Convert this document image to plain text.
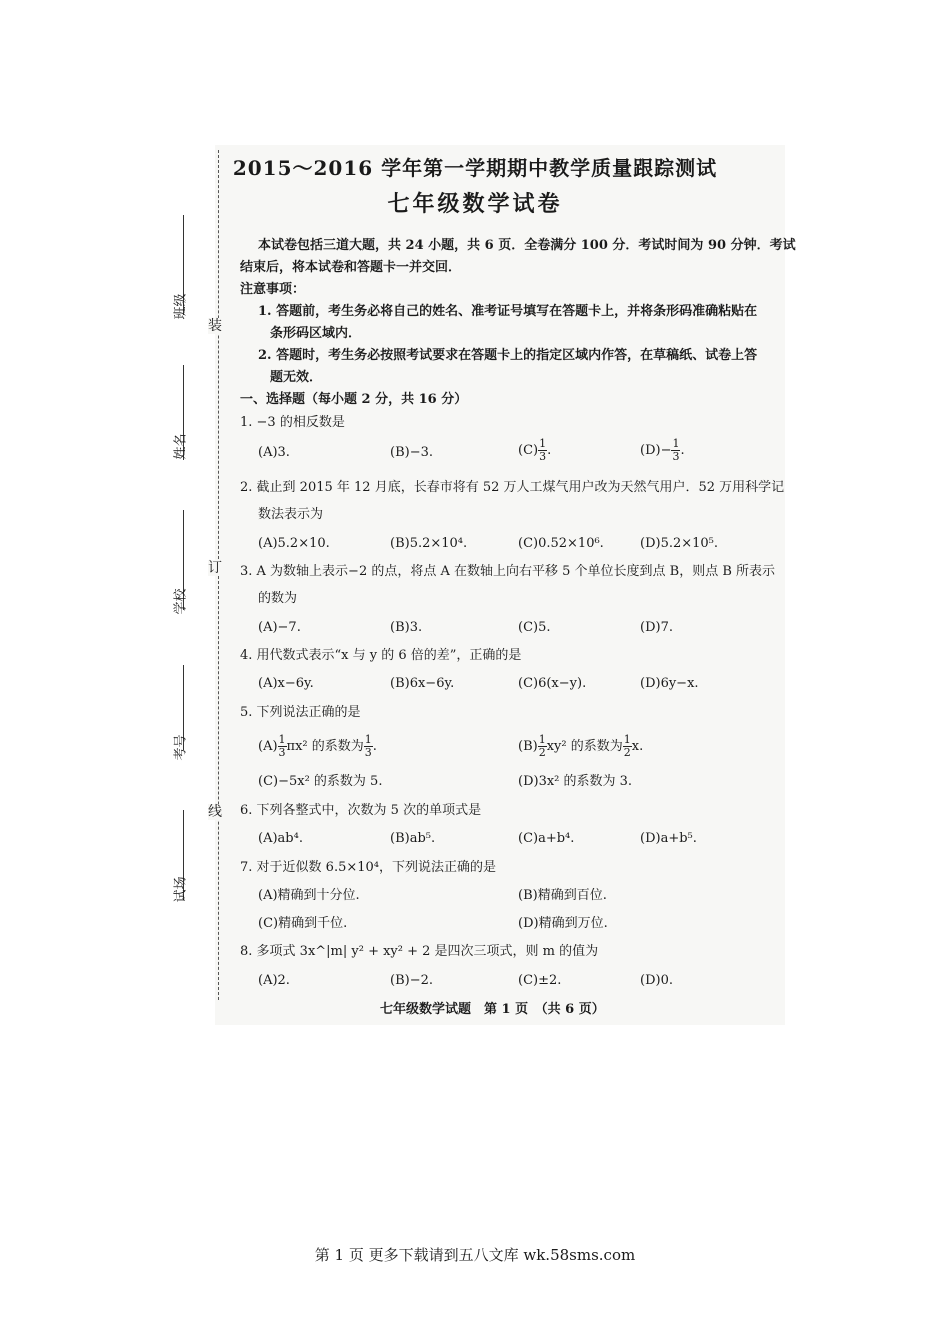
装
订
线
班级
姓名
学校
考号
试场
2015～2016 学年第一学期期中教学质量跟踪测试
七年级数学试卷
本试卷包括三道大题，共 24 小题，共 6 页．全卷满分 100 分．考试时间为 90 分钟．考试
结束后，将本试卷和答题卡一并交回．
注意事项：
1. 答题前，考生务必将自己的姓名、准考证号填写在答题卡上，并将条形码准确粘贴在
条形码区域内．
2. 答题时，考生务必按照考试要求在答题卡上的指定区域内作答，在草稿纸、试卷上答
题无效．
一、选择题（每小题 2 分，共 16 分）
1. −3 的相反数是
(A)3.	(B)−3.	$(C) \frac{1}{3}$ .	$(D)- \frac{1}{3}$ .
2. 截止到 2015 年 12 月底，长春市将有 52 万人工煤气用户改为天然气用户．52 万用科学记
数法表示为
(A)5.2×10.	(B)5.2×10⁴.	(C)0.52×10⁶.	(D)5.2×10⁵.
3. A 为数轴上表示−2 的点，将点 A 在数轴上向右平移 5 个单位长度到点 B，则点 B 所表示
的数为
(A)−7.	(B)3.	(C)5.	(D)7.
4. 用代数式表示“x 与 y 的 6 倍的差”，正确的是
(A)x−6y.	(B)6x−6y.	(C)6(x−y).	(D)6y−x.
5. 下列说法正确的是
$(A) \frac{1}{3} \pi x^2$ 的系数为 $\frac{1}{3}$ .	$(B) \frac{1}{2} xy^2$ 的系数为 $\frac{1}{2} x$.
(C)−5x² 的系数为 5.	(D)3x² 的系数为 3.
6. 下列各整式中，次数为 5 次的单项式是
(A)ab⁴.	(B)ab⁵.	(C)a+b⁴.	(D)a+b⁵.
7. 对于近似数 6.5×10⁴，下列说法正确的是
(A)精确到十分位.	(B)精确到百位.
(C)精确到千位.	(D)精确到万位.
8. 多项式 3x^|m| y² + xy² + 2 是四次三项式，则 m 的值为
(A)2.	(B)−2.	(C)±2.	(D)0.
七年级数学试题　第 1 页　（共 6 页）
第 1 页 更多下载请到五八文库 wk.58sms.com
